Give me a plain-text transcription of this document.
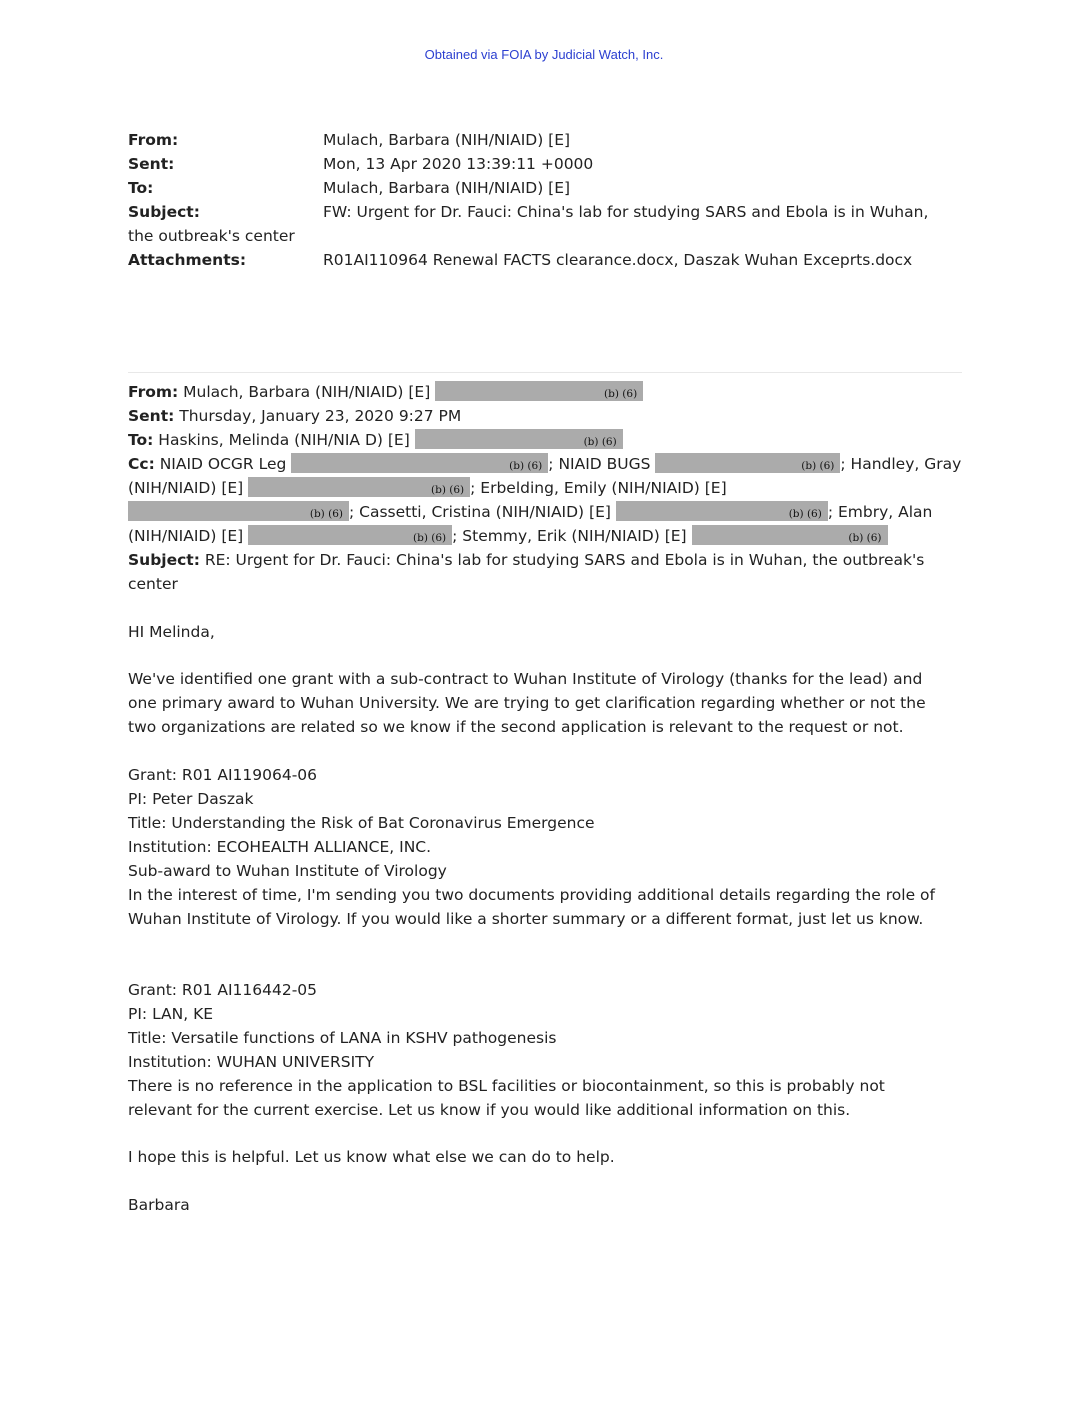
Obtained via FOIA by Judicial Watch, Inc.
From:	Mulach, Barbara (NIH/NIAID) [E]
Sent:	Mon, 13 Apr 2020 13:39:11 +0000
To:	Mulach, Barbara (NIH/NIAID) [E]
Subject:	FW: Urgent for Dr. Fauci: China's lab for studying SARS and Ebola is in Wuhan,
the outbreak's center
Attachments:	R01AI110964 Renewal FACTS clearance.docx, Daszak Wuhan Exceprts.docx
From: Mulach, Barbara (NIH/NIAID) [E]	(b) (6)
Sent: Thursday, January 23, 2020 9:27 PM
To: Haskins, Melinda (NIH/NIA D) [E]	(b) (6)
Cc: NIAID OCGR Leg	(b) (6) ; NIAID BUGS	(b) (6) ; Handley, Gray
(NIH/NIAID) [E]	(b) (6) ; Erbelding, Emily (NIH/NIAID) [E]
(b) (6) ; Cassetti, Cristina (NIH/NIAID) [E]	(b) (6) ; Embry, Alan
(NIH/NIAID) [E]	(b) (6) ; Stemmy, Erik (NIH/NIAID) [E]	(b) (6)
Subject: RE: Urgent for Dr. Fauci: China's lab for studying SARS and Ebola is in Wuhan, the outbreak's
center
HI Melinda,
We've identified one grant with a sub-contract to Wuhan Institute of Virology (thanks for the lead) and
one primary award to Wuhan University. We are trying to get clarification regarding whether or not the
two organizations are related so we know if the second application is relevant to the request or not.
Grant: R01 AI119064-06
PI: Peter Daszak
Title: Understanding the Risk of Bat Coronavirus Emergence
Institution: ECOHEALTH ALLIANCE, INC.
Sub-award to Wuhan Institute of Virology
In the interest of time, I'm sending you two documents providing additional details regarding the role of
Wuhan Institute of Virology. If you would like a shorter summary or a different format, just let us know.
Grant: R01 AI116442-05
PI: LAN, KE
Title: Versatile functions of LANA in KSHV pathogenesis
Institution: WUHAN UNIVERSITY
There is no reference in the application to BSL facilities or biocontainment, so this is probably not
relevant for the current exercise. Let us know if you would like additional information on this.
I hope this is helpful. Let us know what else we can do to help.
Barbara
